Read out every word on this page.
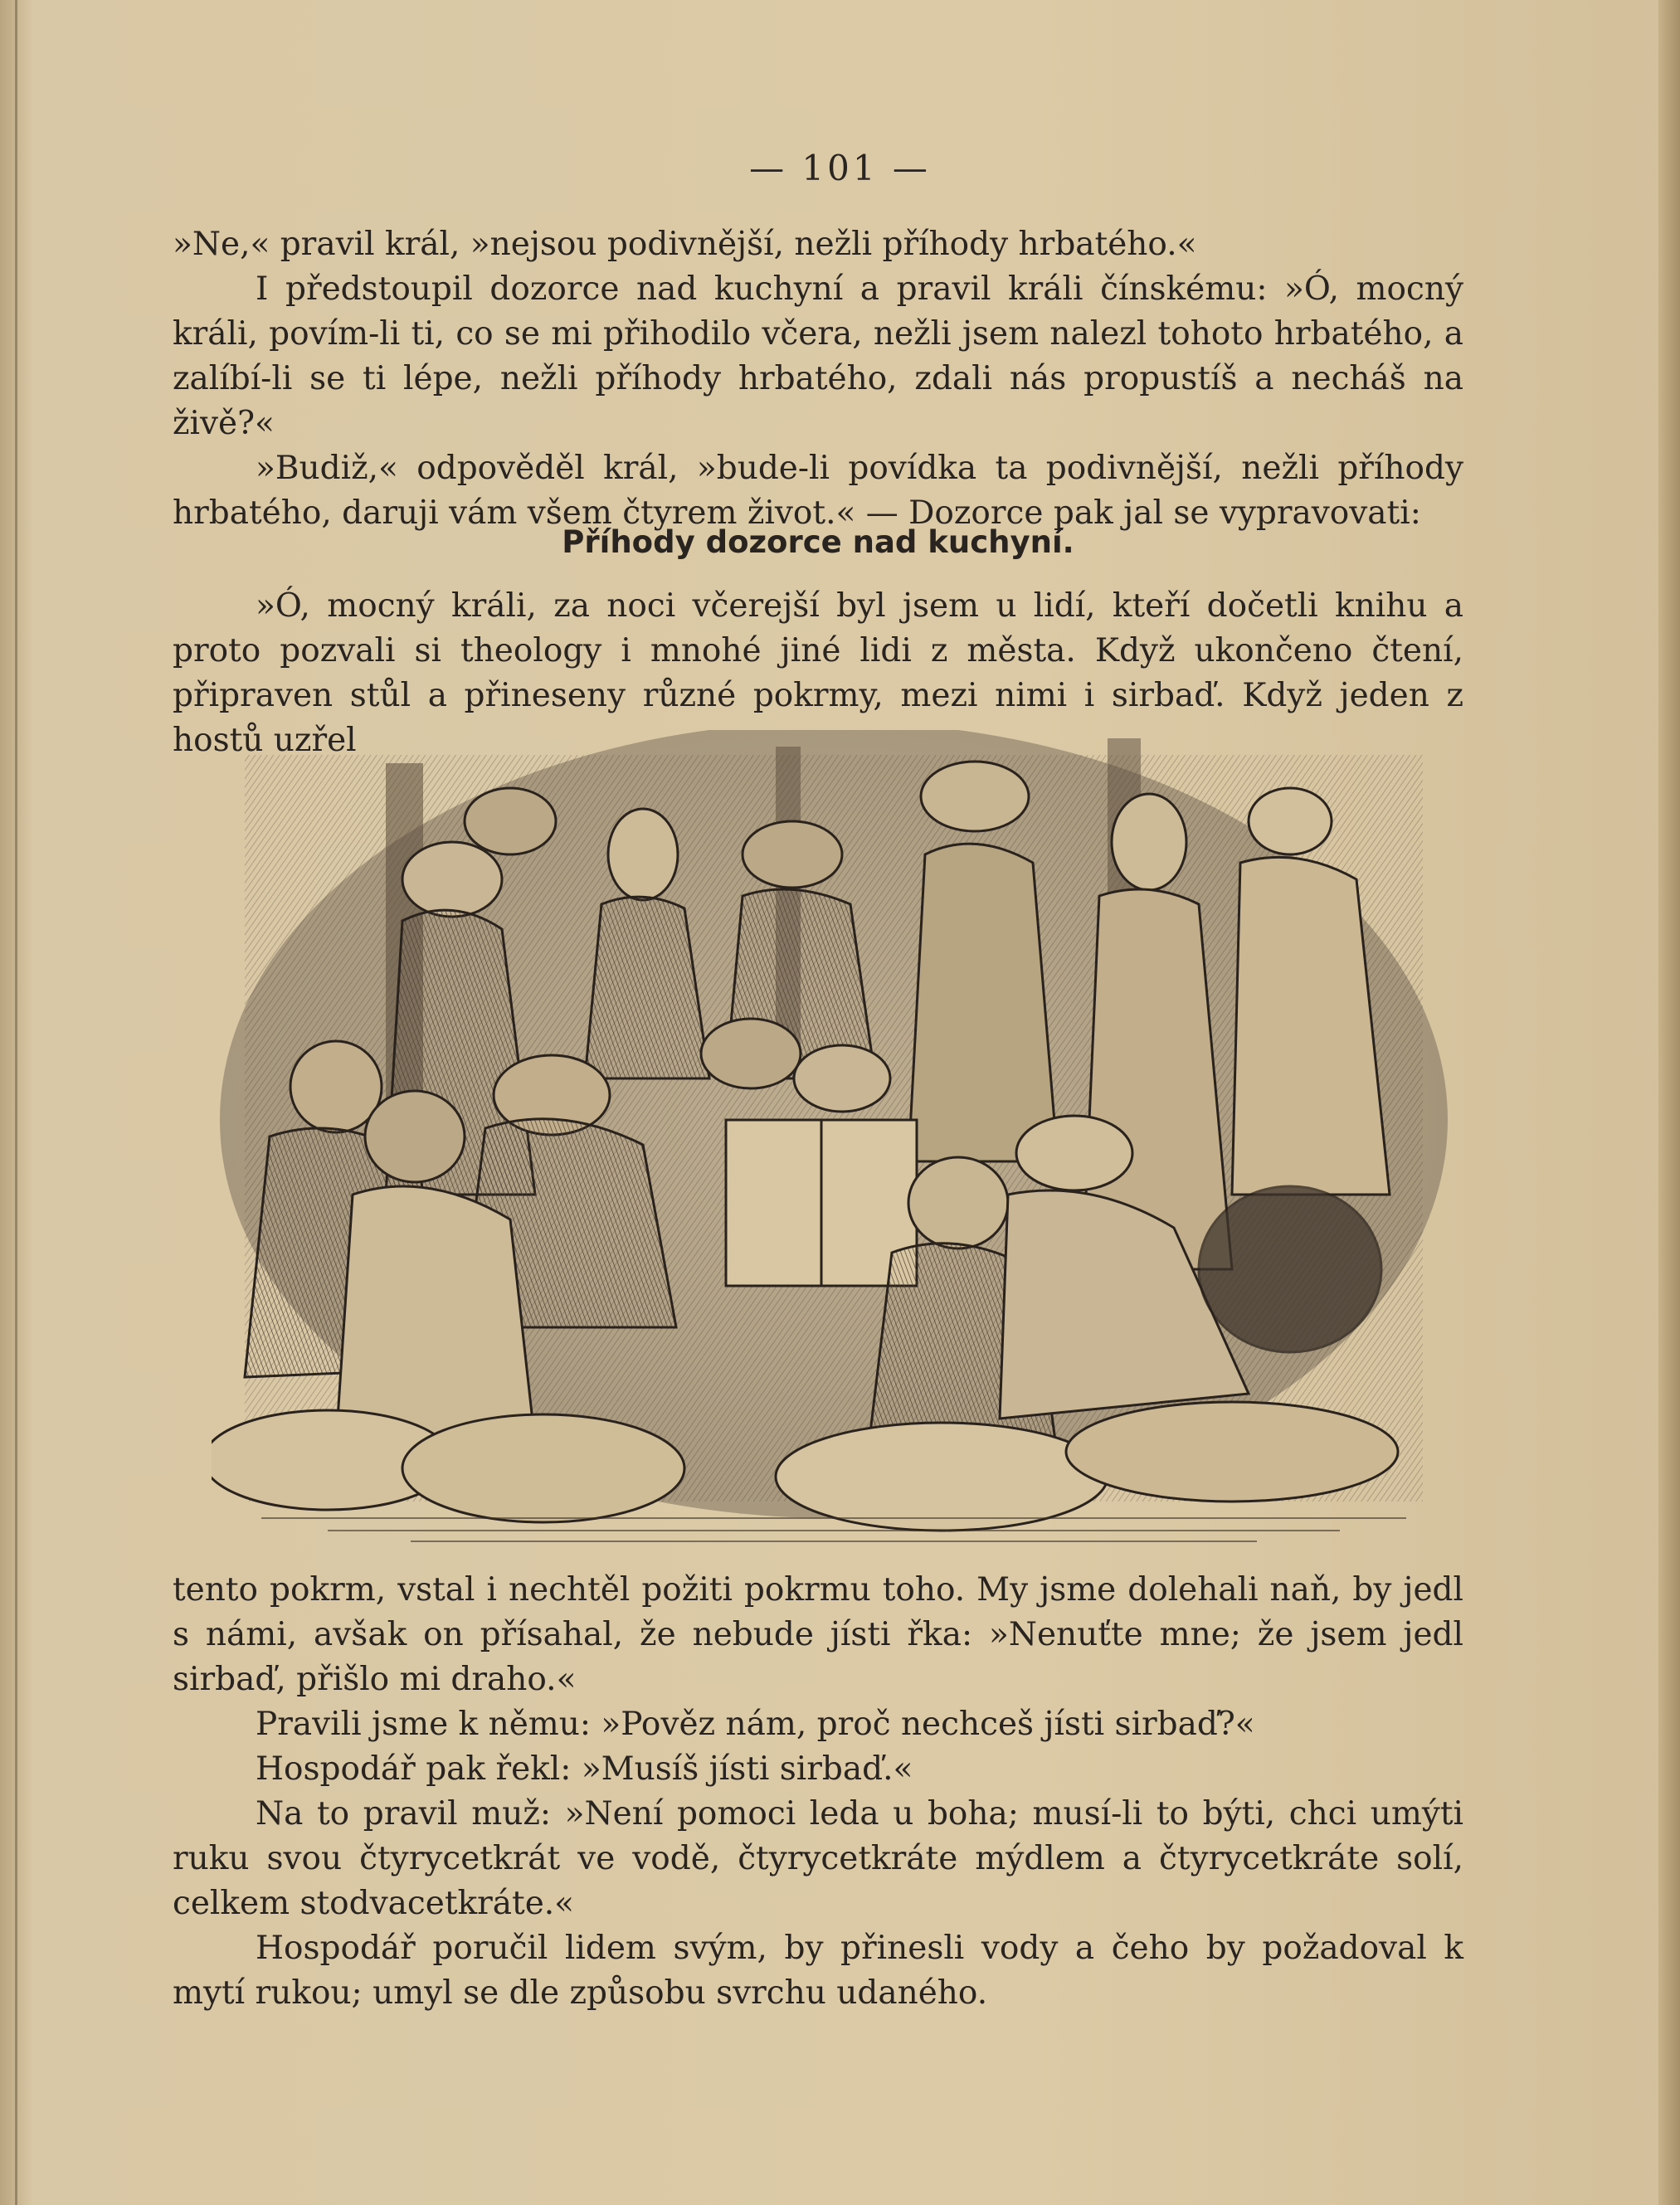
— 101 —

»Ne,« pravil král, »nejsou podivnější, nežli příhody hrbatého.«

I předstoupil dozorce nad kuchyní a pravil králi čínskému: »Ó, mocný králi, povím-li ti, co se mi přihodilo včera, nežli jsem nalezl tohoto hrbatého, a zalíbí-li se ti lépe, nežli příhody hrbatého, zdali nás propustíš a necháš na živě?«

»Budiž,« odpověděl král, »bude-li povídka ta podivnější, nežli příhody hrbatého, daruji vám všem čtyrem život.« — Dozorce pak jal se vypravovati:

Příhody dozorce nad kuchyní.

»Ó, mocný králi, za noci včerejší byl jsem u lidí, kteří dočetli knihu a proto pozvali si theology i mnohé jiné lidi z města. Když ukončeno čtení, připraven stůl a přineseny různé pokrmy, mezi nimi i sirbaď. Když jeden z hostů uzřel

tento pokrm, vstal i nechtěl požiti pokrmu toho. My jsme dolehali naň, by jedl s námi, avšak on přísahal, že nebude jísti řka: »Nenuťte mne; že jsem jedl sirbaď, přišlo mi draho.«

Pravili jsme k němu: »Pověz nám, proč nechceš jísti sirbaď?«

Hospodář pak řekl: »Musíš jísti sirbaď.«

Na to pravil muž: »Není pomoci leda u boha; musí-li to býti, chci umýti ruku svou čtyrycetkrát ve vodě, čtyrycetkráte mýdlem a čtyrycetkráte solí, celkem stodvacetkráte.«

Hospodář poručil lidem svým, by přinesli vody a čeho by požadoval k mytí rukou; umyl se dle způsobu svrchu udaného.
